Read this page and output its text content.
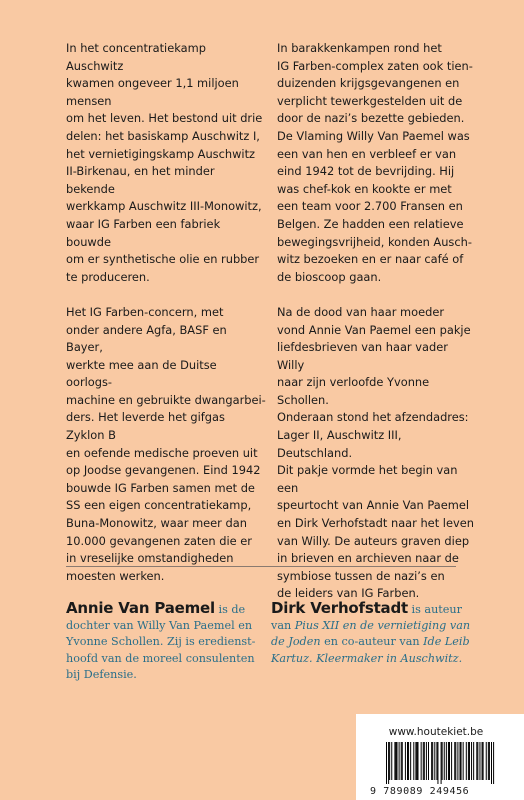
In het concentratiekamp Auschwitz
kwamen ongeveer 1,1 miljoen mensen
om het leven. Het bestond uit drie
delen: het basiskamp Auschwitz I,
het vernietigingskamp Auschwitz
II-Birkenau, en het minder bekende
werkkamp Auschwitz III-Monowitz,
waar IG Farben een fabriek bouwde
om er synthetische olie en rubber
te produceren.

Het IG Farben-concern, met
onder andere Agfa, BASF en Bayer,
werkte mee aan de Duitse oorlogs-
machine en gebruikte dwangarbei-
ders. Het leverde het gifgas Zyklon B
en oefende medische proeven uit
op Joodse gevangenen. Eind 1942
bouwde IG Farben samen met de
SS een eigen concentratiekamp,
Buna-Monowitz, waar meer dan
10.000 gevangenen zaten die er
in vreselijke omstandigheden
moesten werken.

In barakkenkampen rond het
IG Farben-complex zaten ook tien-
duizenden krijgsgevangenen en
verplicht tewerkgestelden uit de
door de nazi’s bezette gebieden.
De Vlaming Willy Van Paemel was
een van hen en verbleef er van
eind 1942 tot de bevrijding. Hij
was chef-kok en kookte er met
een team voor 2.700 Fransen en
Belgen. Ze hadden een relatieve
bewegingsvrijheid, konden Ausch-
witz bezoeken en er naar café of
de bioscoop gaan.

Na de dood van haar moeder
vond Annie Van Paemel een pakje
liefdesbrieven van haar vader Willy
naar zijn verloofde Yvonne Schollen.
Onderaan stond het afzendadres:
Lager II, Auschwitz III, Deutschland.
Dit pakje vormde het begin van een
speurtocht van Annie Van Paemel
en Dirk Verhofstadt naar het leven
van Willy. De auteurs graven diep
in brieven en archieven naar de
symbiose tussen de nazi’s en
de leiders van IG Farben.

Annie Van Paemel is de
dochter van Willy Van Paemel en
Yvonne Schollen. Zij is eredienst-
hoofd van de moreel consulenten
bij Defensie.
Dirk Verhofstadt is auteur
van Pius XII en de vernietiging van
de Joden en co-auteur van Ide Leib
Kartuz. Kleermaker in Auschwitz.
www.houtekiet.be
9 789089 249456
